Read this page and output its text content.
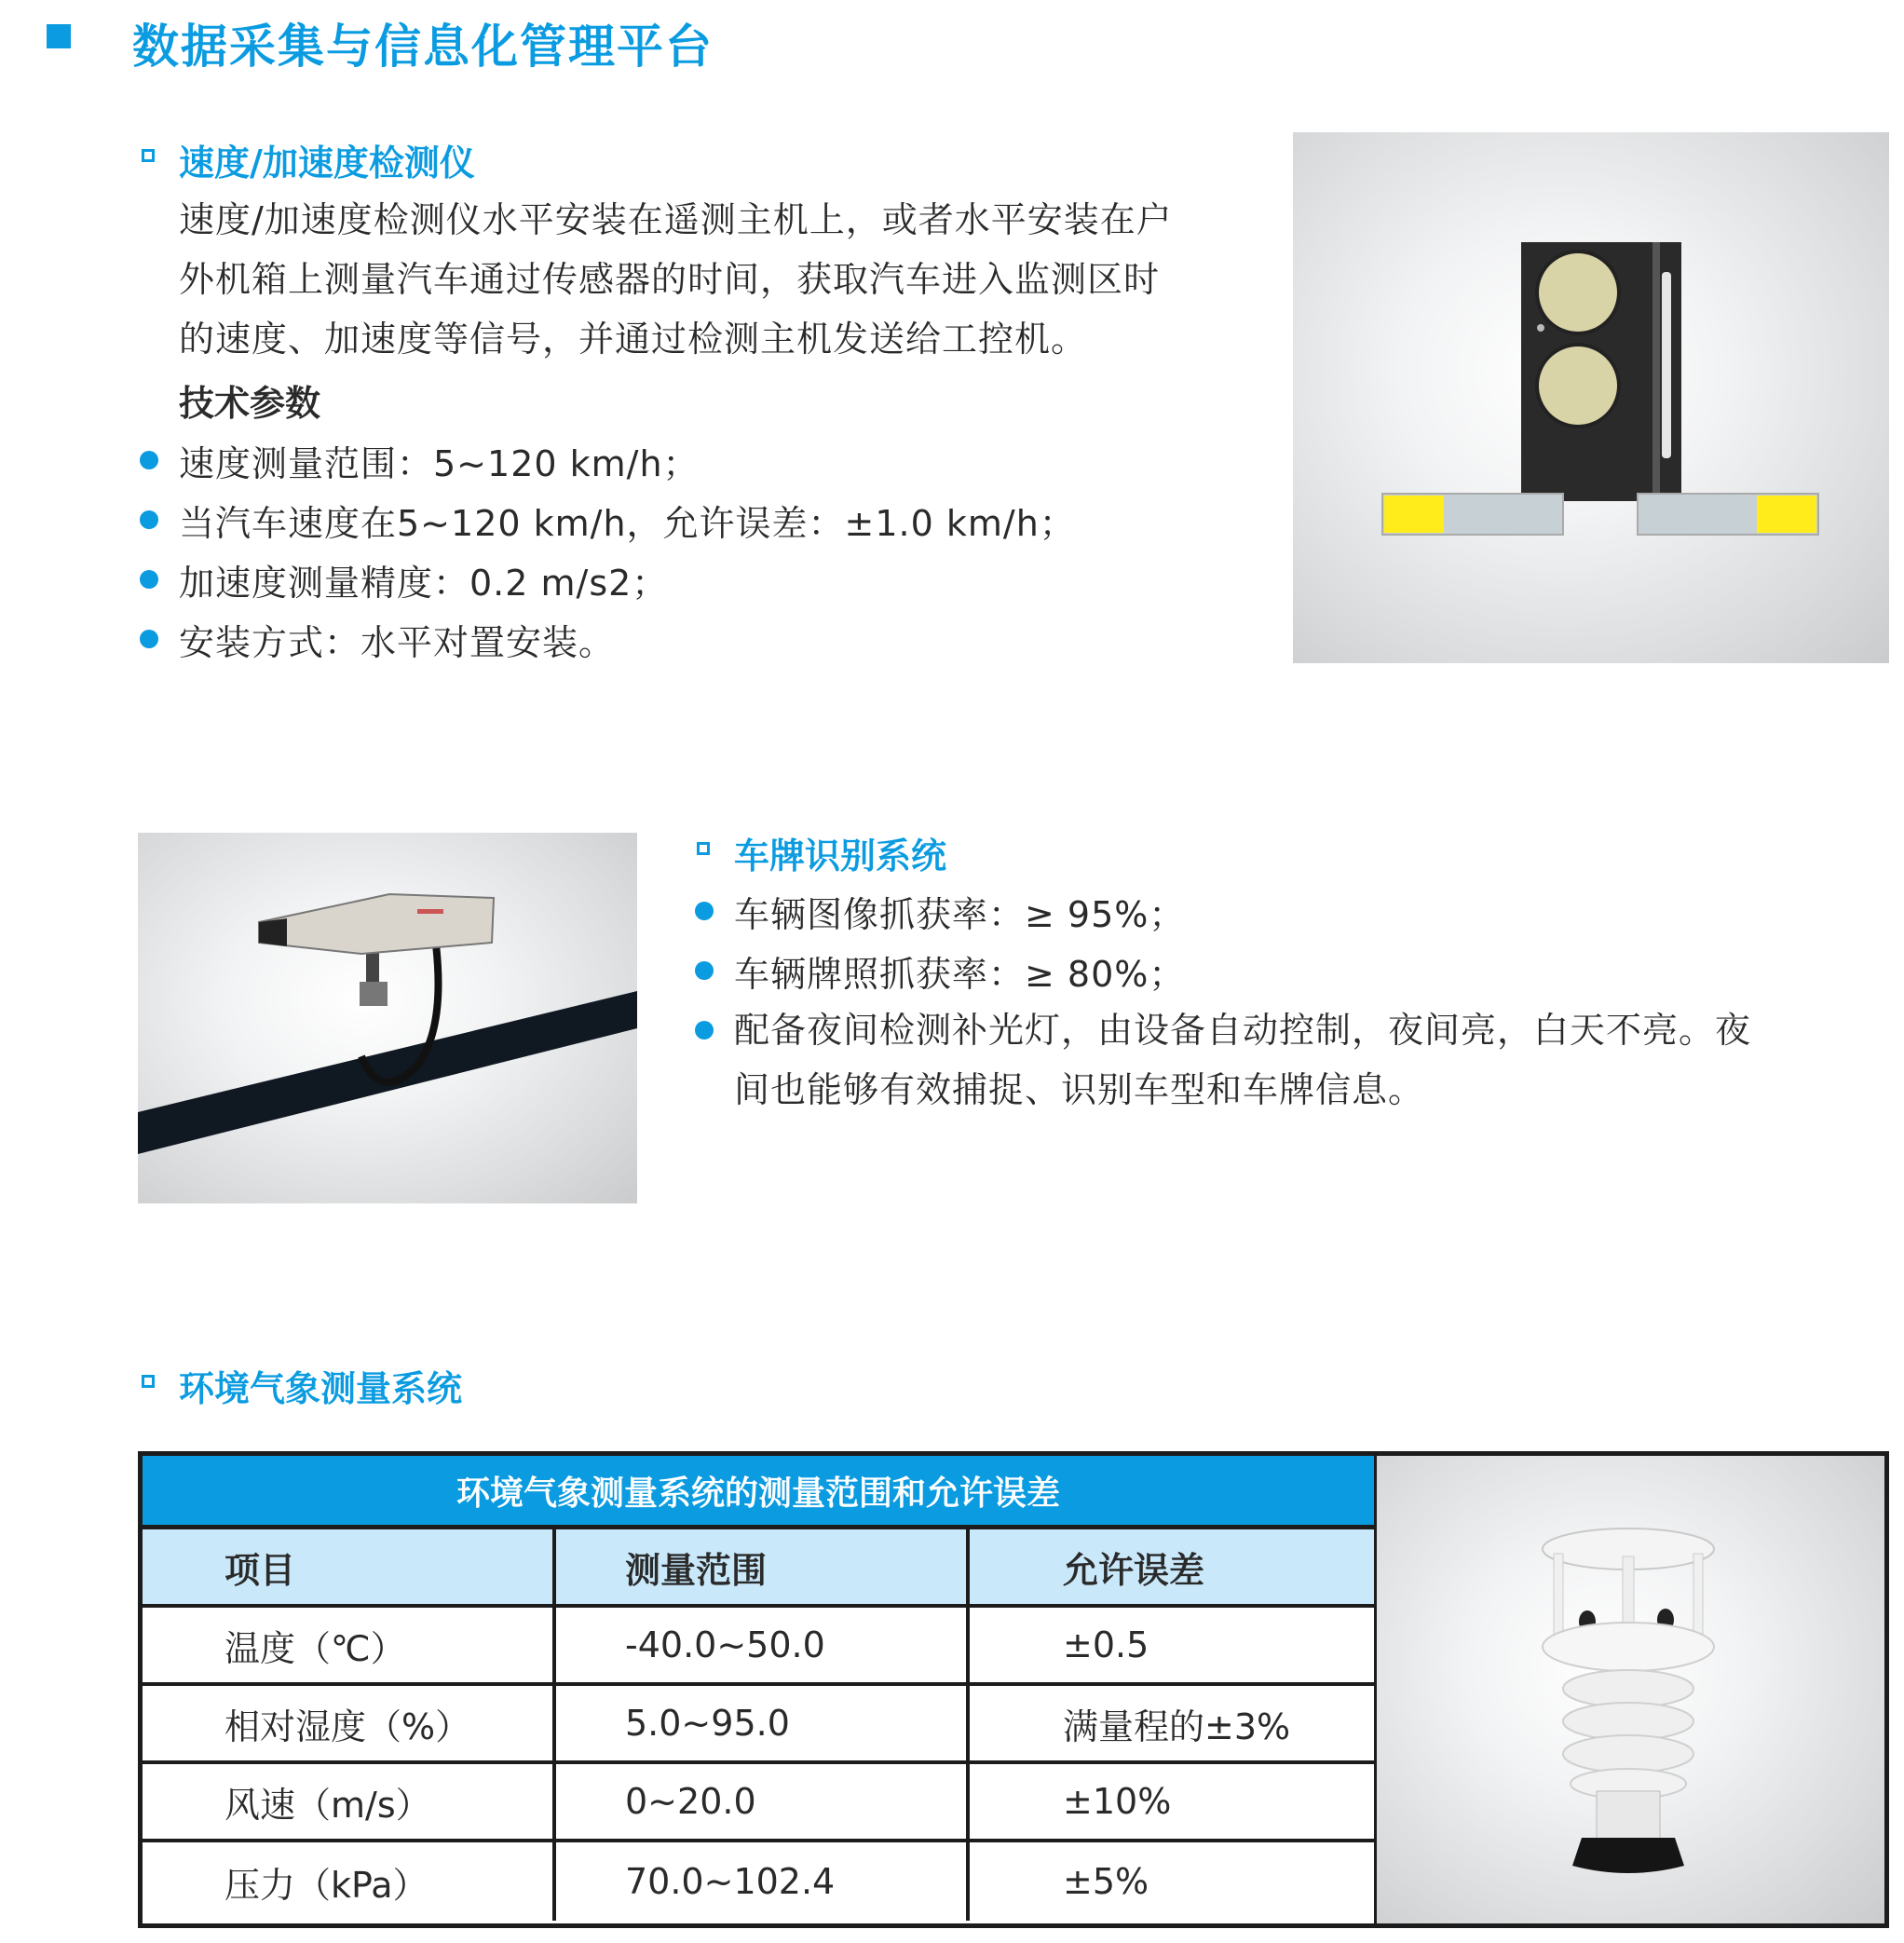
数据采集与信息化管理平台
速度/加速度检测仪
速度/加速度检测仪水平安装在遥测主机上，或者水平安装在户
外机箱上测量汽车通过传感器的时间，获取汽车进入监测区时
的速度、加速度等信号，并通过检测主机发送给工控机。
技术参数
速度测量范围：5~120 km/h；
当汽车速度在5~120 km/h，允许误差：±1.0 km/h；
加速度测量精度：0.2 m/s2；
安装方式：水平对置安装。
车牌识别系统
车辆图像抓获率：≥ 95%；
车辆牌照抓获率：≥ 80%；
配备夜间检测补光灯，由设备自动控制，夜间亮，白天不亮。夜
间也能够有效捕捉、识别车型和车牌信息。
环境气象测量系统
环境气象测量系统的测量范围和允许误差
项目	测量范围	允许误差
温度（℃）	-40.0~50.0	±0.5
相对湿度（%）	5.0~95.0	满量程的±3%
风速（m/s）	0~20.0	±10%
压力（kPa）	70.0~102.4	±5%
